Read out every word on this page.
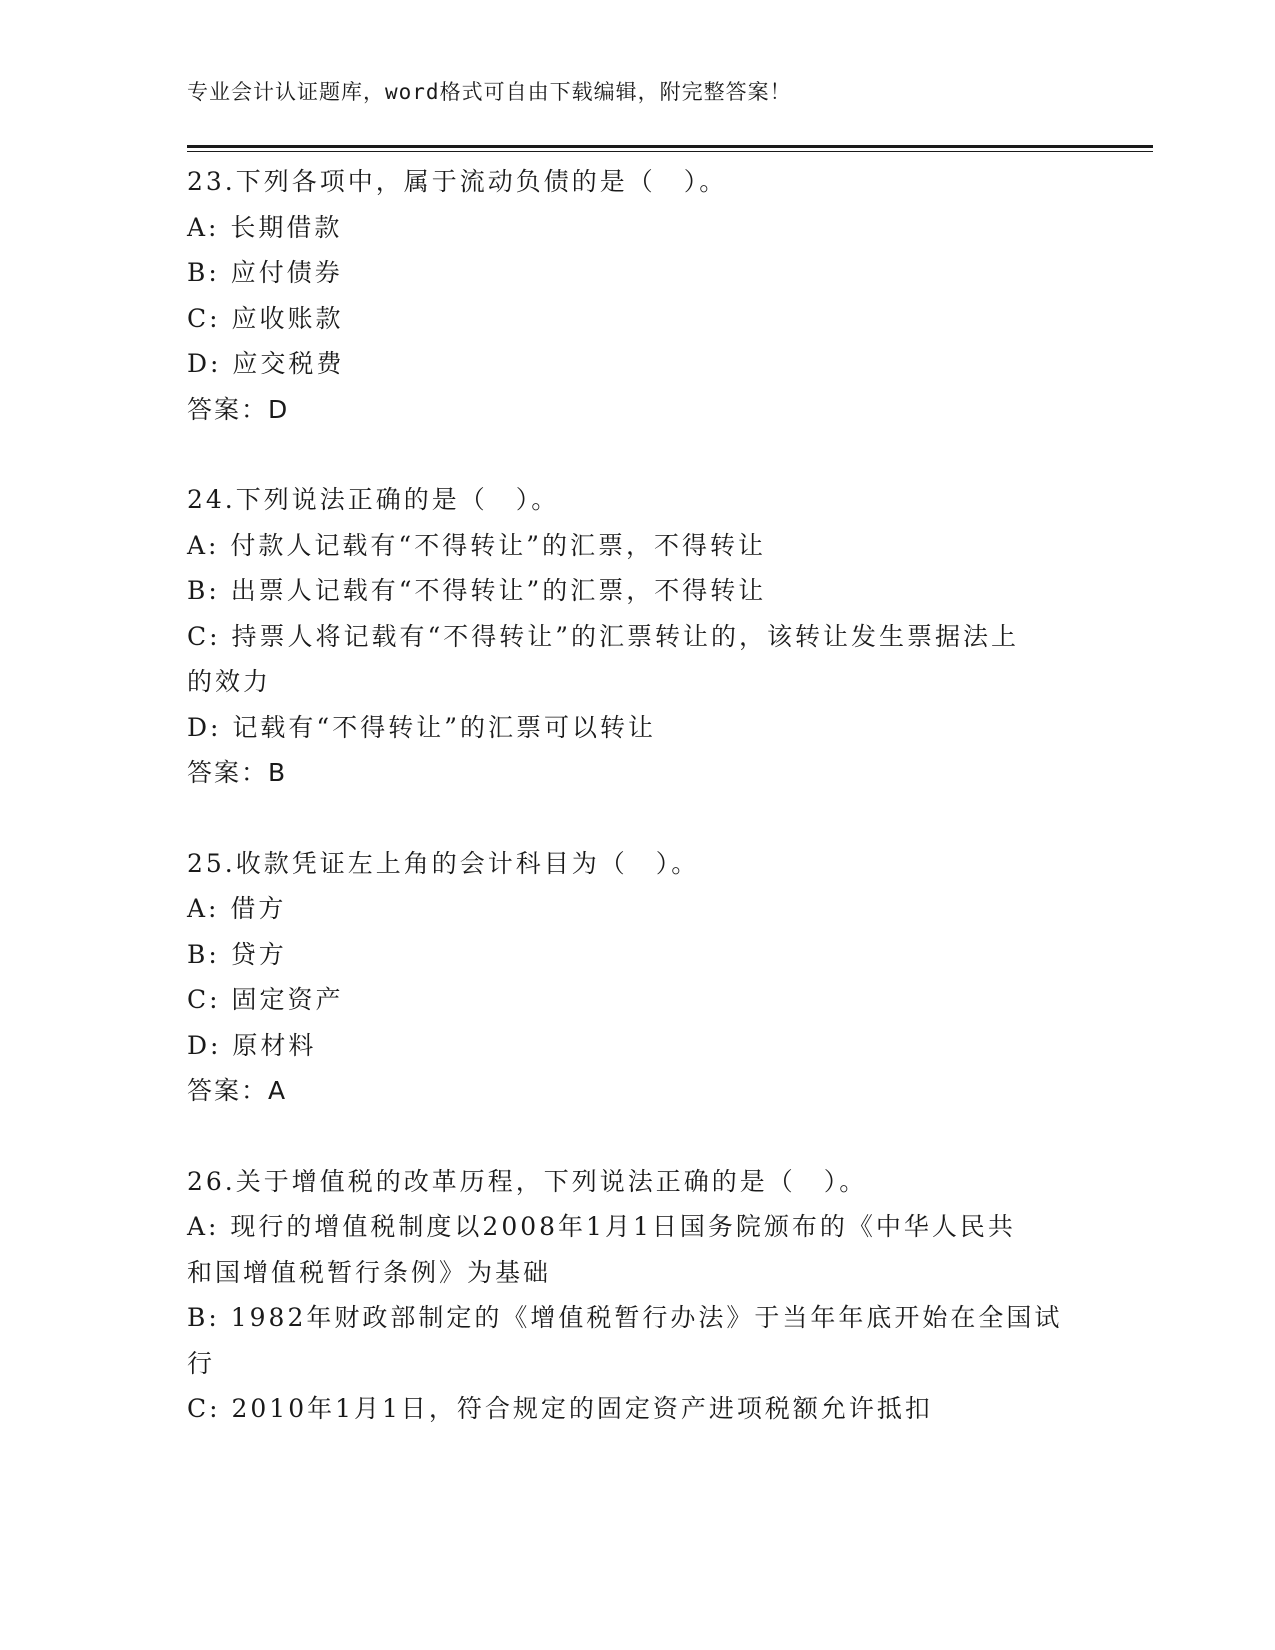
专业会计认证题库，word格式可自由下载编辑，附完整答案！
23.下列各项中，属于流动负债的是（　）。
A: 长期借款
B: 应付债券
C: 应收账款
D: 应交税费
答案：D
24.下列说法正确的是（　）。
A: 付款人记载有“不得转让”的汇票，不得转让
B: 出票人记载有“不得转让”的汇票，不得转让
C: 持票人将记载有“不得转让”的汇票转让的，该转让发生票据法上
的效力
D: 记载有“不得转让”的汇票可以转让
答案：B
25.收款凭证左上角的会计科目为（　）。
A: 借方
B: 贷方
C: 固定资产
D: 原材料
答案：A
26.关于增值税的改革历程，下列说法正确的是（　）。
A: 现行的增值税制度以2008年1月1日国务院颁布的《中华人民共
和国增值税暂行条例》为基础
B: 1982年财政部制定的《增值税暂行办法》于当年年底开始在全国试
行
C: 2010年1月1日，符合规定的固定资产进项税额允许抵扣
